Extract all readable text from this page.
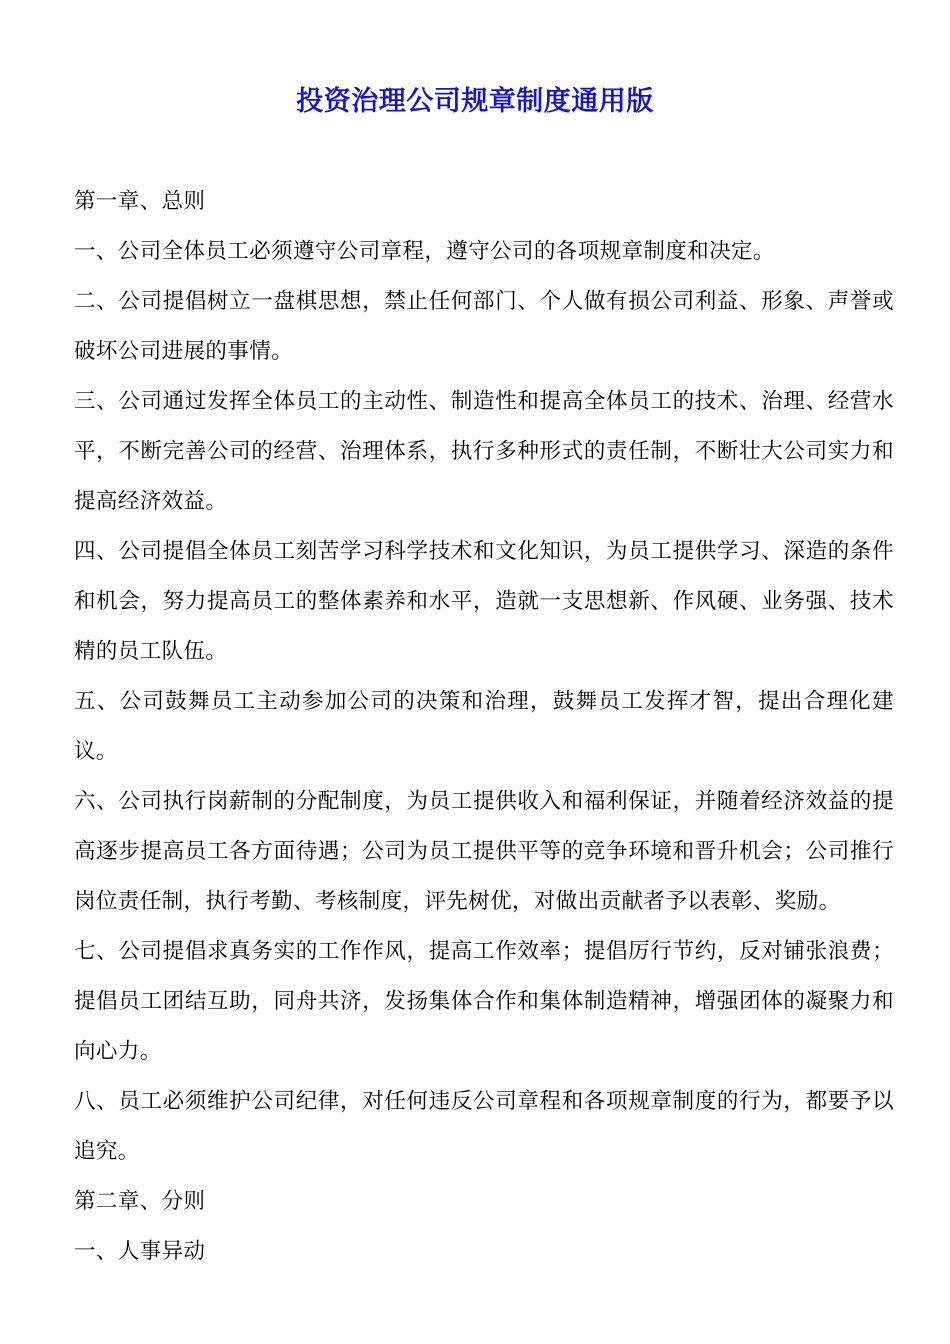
投资治理公司规章制度通用版
第一章、总则
一、公司全体员工必须遵守公司章程，遵守公司的各项规章制度和决定。
二、公司提倡树立一盘棋思想，禁止任何部门、个人做有损公司利益、形象、声誉或破坏公司进展的事情。
三、公司通过发挥全体员工的主动性、制造性和提高全体员工的技术、治理、经营水平，不断完善公司的经营、治理体系，执行多种形式的责任制，不断壮大公司实力和提高经济效益。
四、公司提倡全体员工刻苦学习科学技术和文化知识，为员工提供学习、深造的条件和机会，努力提高员工的整体素养和水平，造就一支思想新、作风硬、业务强、技术精的员工队伍。
五、公司鼓舞员工主动参加公司的决策和治理，鼓舞员工发挥才智，提出合理化建议。
六、公司执行岗薪制的分配制度，为员工提供收入和福利保证，并随着经济效益的提高逐步提高员工各方面待遇；公司为员工提供平等的竞争环境和晋升机会；公司推行岗位责任制，执行考勤、考核制度，评先树优，对做出贡献者予以表彰、奖励。
七、公司提倡求真务实的工作作风，提高工作效率；提倡厉行节约，反对铺张浪费；提倡员工团结互助，同舟共济，发扬集体合作和集体制造精神，增强团体的凝聚力和向心力。
八、员工必须维护公司纪律，对任何违反公司章程和各项规章制度的行为，都要予以追究。
第二章、分则
一、人事异动
